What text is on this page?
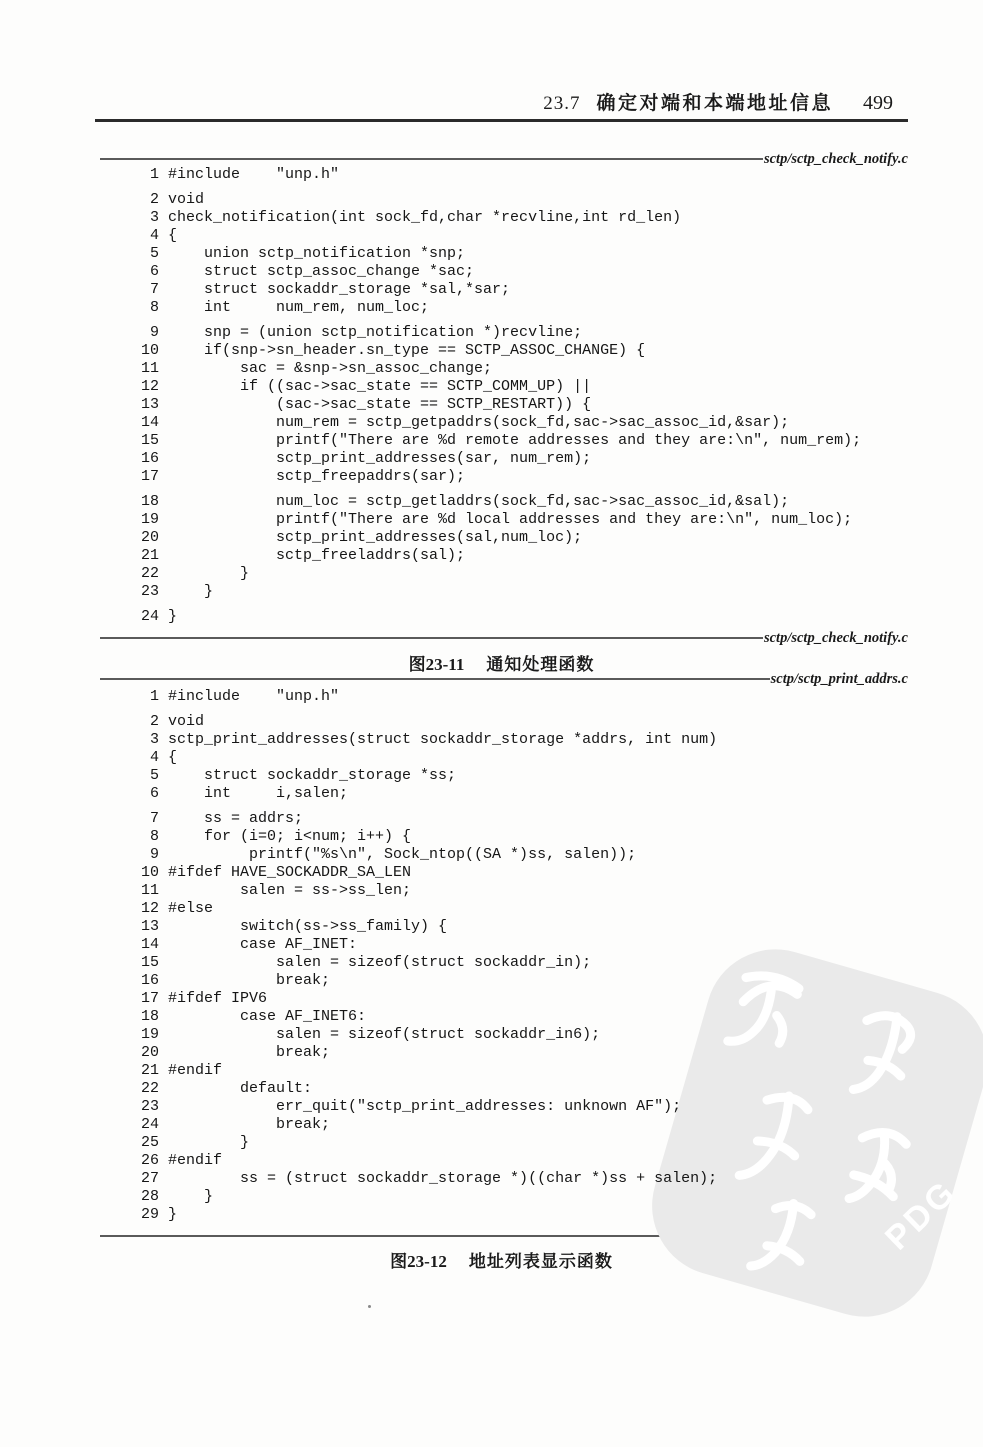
PDG
23.7 确定对端和本端地址信息 499
sctp/sctp_check_notify.c
1 #include    "unp.h"
2 void
3 check_notification(int sock_fd,char *recvline,int rd_len)
4 {
5     union sctp_notification *snp;
6     struct sctp_assoc_change *sac;
7     struct sockaddr_storage *sal,*sar;
8     int     num_rem, num_loc;
9     snp = (union sctp_notification *)recvline;
10     if(snp->sn_header.sn_type == SCTP_ASSOC_CHANGE) {
11         sac = &snp->sn_assoc_change;
12         if ((sac->sac_state == SCTP_COMM_UP) ||
13             (sac->sac_state == SCTP_RESTART)) {
14             num_rem = sctp_getpaddrs(sock_fd,sac->sac_assoc_id,&sar);
15             printf("There are %d remote addresses and they are:\n", num_rem);
16             sctp_print_addresses(sar, num_rem);
17             sctp_freepaddrs(sar);
18             num_loc = sctp_getladdrs(sock_fd,sac->sac_assoc_id,&sal);
19             printf("There are %d local addresses and they are:\n", num_loc);
20             sctp_print_addresses(sal,num_loc);
21             sctp_freeladdrs(sal);
22         }
23     }
24 }
sctp/sctp_check_notify.c
图23-11 通知处理函数
sctp/sctp_print_addrs.c
1 #include    "unp.h"
2 void
3 sctp_print_addresses(struct sockaddr_storage *addrs, int num)
4 {
5     struct sockaddr_storage *ss;
6     int     i,salen;
7     ss = addrs;
8     for (i=0; i<num; i++) {
9          printf("%s\n", Sock_ntop((SA *)ss, salen));
10 #ifdef HAVE_SOCKADDR_SA_LEN
11         salen = ss->ss_len;
12 #else
13         switch(ss->ss_family) {
14         case AF_INET:
15             salen = sizeof(struct sockaddr_in);
16             break;
17 #ifdef IPV6
18         case AF_INET6:
19             salen = sizeof(struct sockaddr_in6);
20             break;
21 #endif
22         default:
23             err_quit("sctp_print_addresses: unknown AF");
24             break;
25         }
26 #endif
27         ss = (struct sockaddr_storage *)((char *)ss + salen);
28     }
29 }
图23-12 地址列表显示函数
